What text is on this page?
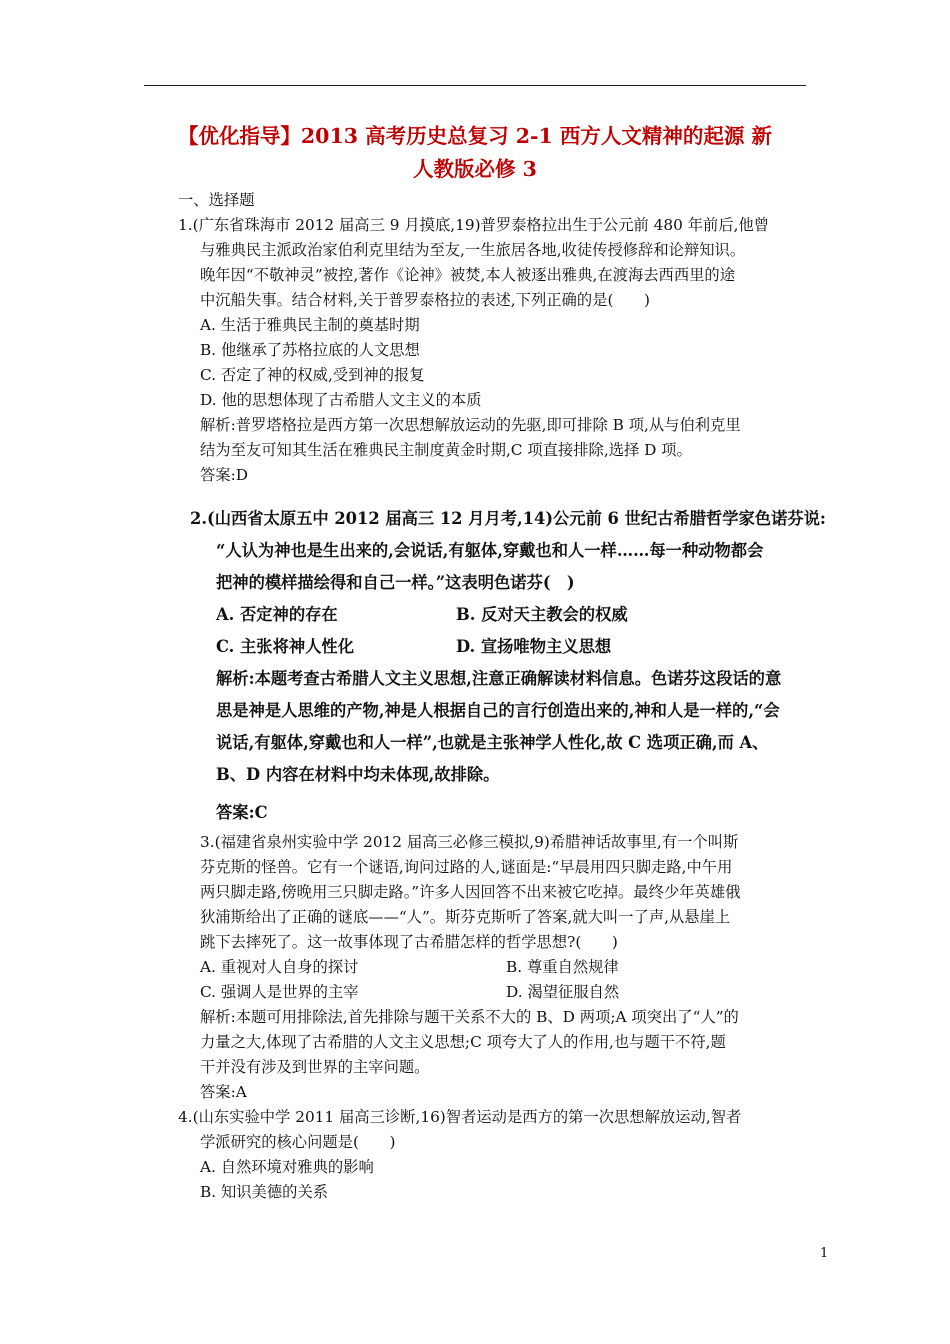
【优化指导】2013 高考历史总复习 2-1 西方人文精神的起源 新
人教版必修 3
一、选择题

1.(广东省珠海市 2012 届高三 9 月摸底,19)普罗泰格拉出生于公元前 480 年前后,他曾

与雅典民主派政治家伯利克里结为至友,一生旅居各地,收徒传授修辞和论辩知识。

晚年因“不敬神灵”被控,著作《论神》被焚,本人被逐出雅典,在渡海去西西里的途

中沉船失事。结合材料,关于普罗泰格拉的表述,下列正确的是(　　)

A. 生活于雅典民主制的奠基时期

B. 他继承了苏格拉底的人文思想

C. 否定了神的权威,受到神的报复

D. 他的思想体现了古希腊人文主义的本质

解析:普罗塔格拉是西方第一次思想解放运动的先驱,即可排除 B 项,从与伯利克里

结为至友可知其生活在雅典民主制度黄金时期,C 项直接排除,选择 D 项。

答案:D

2.(山西省太原五中 2012 届高三 12 月月考,14)公元前 6 世纪古希腊哲学家色诺芬说:

“人认为神也是生出来的,会说话,有躯体,穿戴也和人一样……每一种动物都会

把神的模样描绘得和自己一样。”这表明色诺芬(　)

A. 否定神的存在	B. 反对天主教会的权威

C. 主张将神人性化	D. 宣扬唯物主义思想

解析:本题考查古希腊人文主义思想,注意正确解读材料信息。色诺芬这段话的意

思是神是人思维的产物,神是人根据自己的言行创造出来的,神和人是一样的,“会

说话,有躯体,穿戴也和人一样”,也就是主张神学人性化,故 C 选项正确,而 A、

B、D 内容在材料中均未体现,故排除。

答案:C

3.(福建省泉州实验中学 2012 届高三必修三模拟,9)希腊神话故事里,有一个叫斯

芬克斯的怪兽。它有一个谜语,询问过路的人,谜面是:“早晨用四只脚走路,中午用

两只脚走路,傍晚用三只脚走路。”许多人因回答不出来被它吃掉。最终少年英雄俄

狄浦斯给出了正确的谜底——“人”。斯芬克斯听了答案,就大叫一了声,从悬崖上

跳下去摔死了。这一故事体现了古希腊怎样的哲学思想?(　　)

A. 重视对人自身的探讨	B. 尊重自然规律

C. 强调人是世界的主宰	D. 渴望征服自然

解析:本题可用排除法,首先排除与题干关系不大的 B、D 两项;A 项突出了“人”的

力量之大,体现了古希腊的人文主义思想;C 项夸大了人的作用,也与题干不符,题

干并没有涉及到世界的主宰问题。

答案:A

4.(山东实验中学 2011 届高三诊断,16)智者运动是西方的第一次思想解放运动,智者

学派研究的核心问题是(　　)

A. 自然环境对雅典的影响

B. 知识美德的关系

1
